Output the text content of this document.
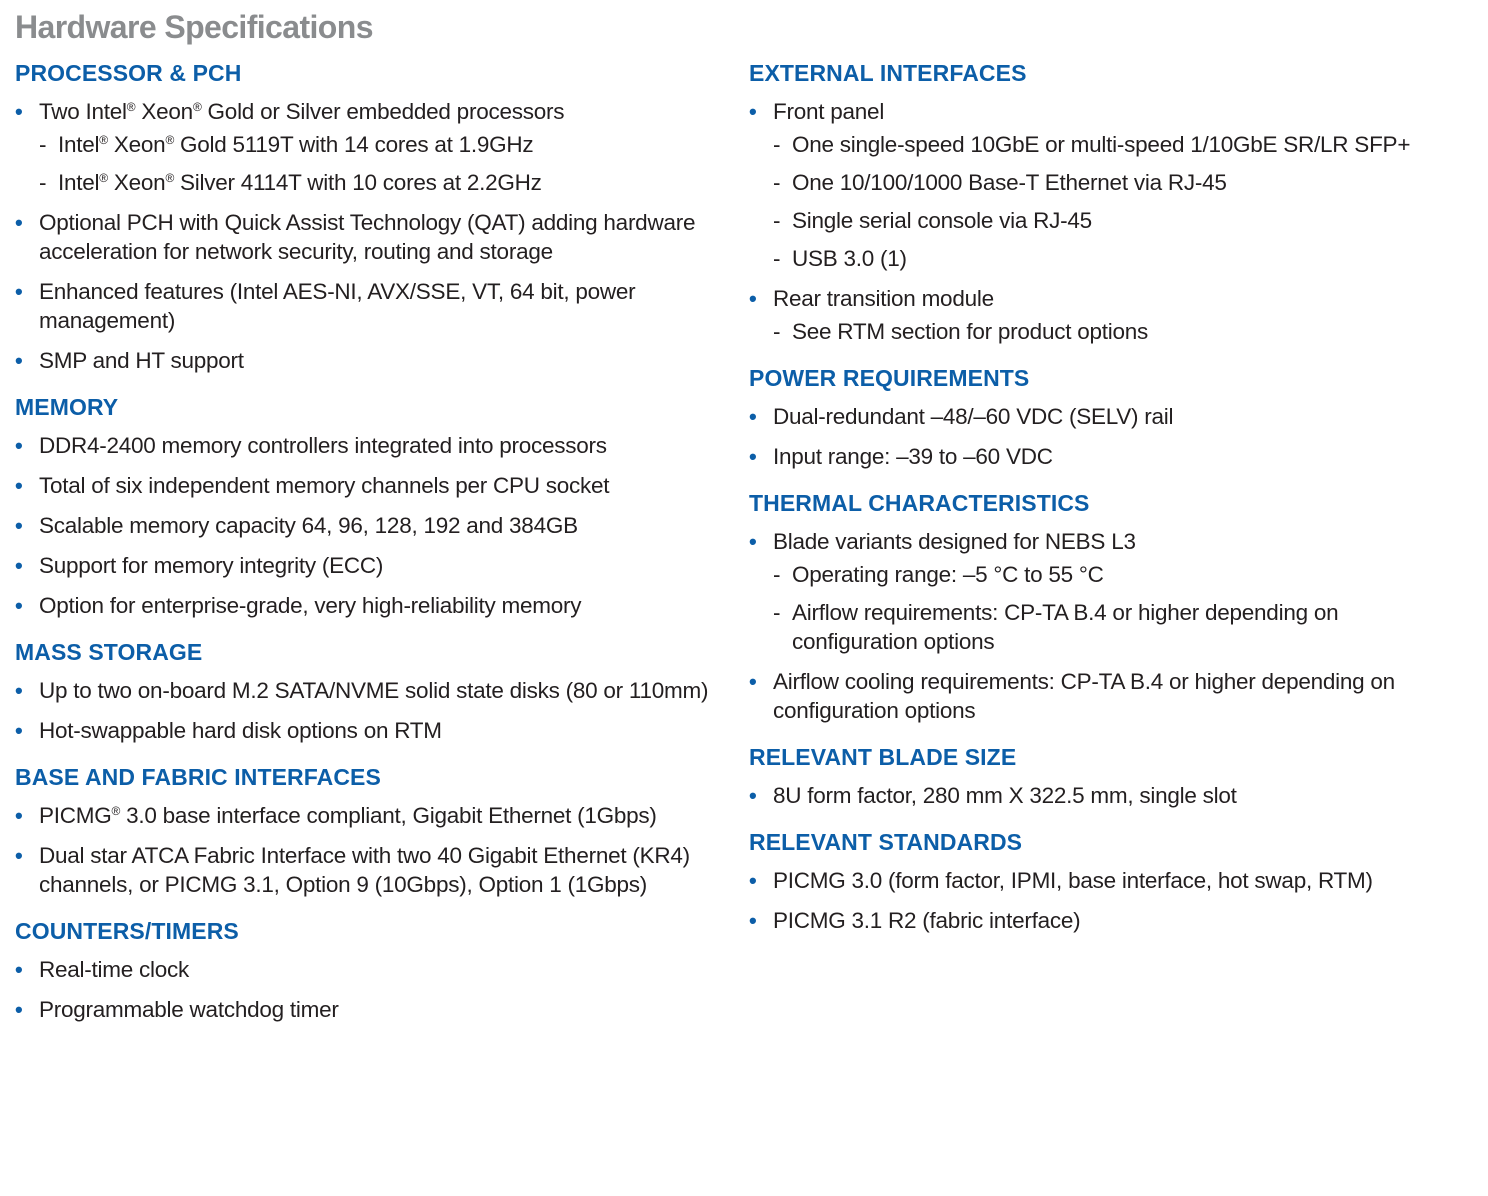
Hardware Specifications
PROCESSOR & PCH
• Two Intel® Xeon® Gold or Silver embedded processors
- Intel® Xeon® Gold 5119T with 14 cores at 1.9GHz
- Intel® Xeon® Silver 4114T with 10 cores at 2.2GHz
• Optional PCH with Quick Assist Technology (QAT) adding hardware acceleration for network security, routing and storage
• Enhanced features (Intel AES-NI, AVX/SSE, VT, 64 bit, power management)
• SMP and HT support
MEMORY
• DDR4-2400 memory controllers integrated into processors
• Total of six independent memory channels per CPU socket
• Scalable memory capacity 64, 96, 128, 192 and 384GB
• Support for memory integrity (ECC)
• Option for enterprise-grade, very high-reliability memory
MASS STORAGE
• Up to two on-board M.2 SATA/NVME solid state disks (80 or 110mm)
• Hot-swappable hard disk options on RTM
BASE AND FABRIC INTERFACES
• PICMG® 3.0 base interface compliant, Gigabit Ethernet (1Gbps)
• Dual star ATCA Fabric Interface with two 40 Gigabit Ethernet (KR4) channels, or PICMG 3.1, Option 9 (10Gbps), Option 1 (1Gbps)
COUNTERS/TIMERS
• Real-time clock
• Programmable watchdog timer
EXTERNAL INTERFACES
• Front panel
- One single-speed 10GbE or multi-speed 1/10GbE SR/LR SFP+
- One 10/100/1000 Base-T Ethernet via RJ-45
- Single serial console via RJ-45
- USB 3.0 (1)
• Rear transition module
- See RTM section for product options
POWER REQUIREMENTS
• Dual-redundant –48/–60 VDC (SELV) rail
• Input range: –39 to –60 VDC
THERMAL CHARACTERISTICS
• Blade variants designed for NEBS L3
- Operating range: –5 °C to 55 °C
- Airflow requirements: CP-TA B.4 or higher depending on configuration options
• Airflow cooling requirements: CP-TA B.4 or higher depending on configuration options
RELEVANT BLADE SIZE
• 8U form factor, 280 mm X 322.5 mm, single slot
RELEVANT STANDARDS
• PICMG 3.0 (form factor, IPMI, base interface, hot swap, RTM)
• PICMG 3.1 R2 (fabric interface)
